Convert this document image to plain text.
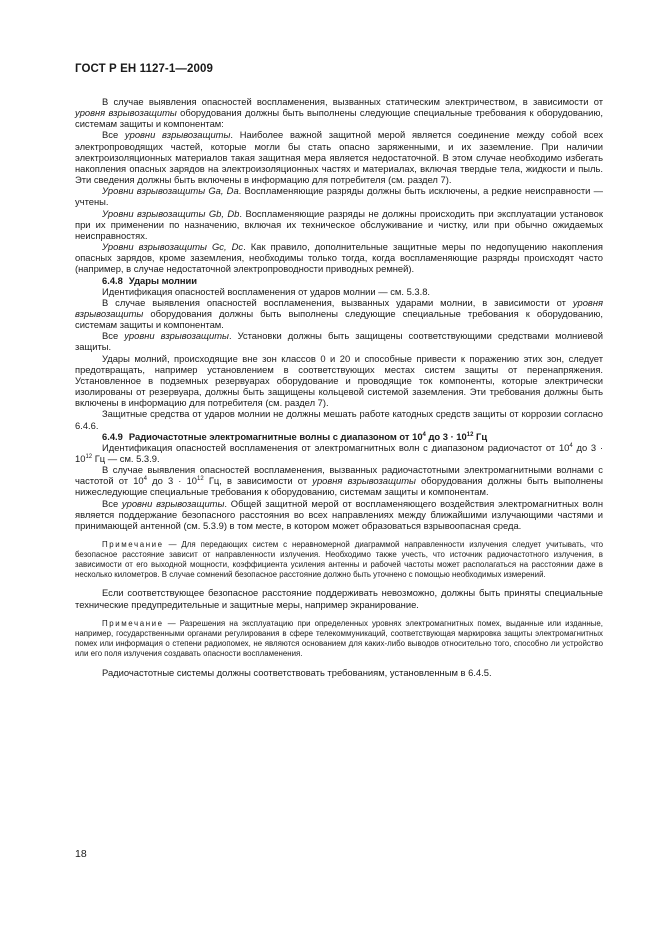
ГОСТ Р ЕН 1127-1—2009

В случае выявления опасностей воспламенения, вызванных статическим электричеством, в зависимости от уровня взрывозащиты оборудования должны быть выполнены следующие специальные требования к оборудованию, системам защиты и компонентам:

Все уровни взрывозащиты. Наиболее важной защитной мерой является соединение между собой всех электропроводящих частей, которые могли бы стать опасно заряженными, и их заземление. При наличии электроизоляционных материалов такая защитная мера является недостаточной. В этом случае необходимо избегать накопления опасных зарядов на электроизоляционных частях и материалах, включая твердые тела, жидкости и пыль. Эти сведения должны быть включены в информацию для потребителя (см. раздел 7).

Уровни взрывозащиты Ga, Da. Воспламеняющие разряды должны быть исключены, а редкие неисправности — учтены.

Уровни взрывозащиты Gb, Db. Воспламеняющие разряды не должны происходить при эксплуатации установок при их применении по назначению, включая их техническое обслуживание и чистку, или при обычно ожидаемых неисправностях.

Уровни взрывозащиты Gc, Dc. Как правило, дополнительные защитные меры по недопущению накопления опасных зарядов, кроме заземления, необходимы только тогда, когда воспламеняющие разряды происходят часто (например, в случае недостаточной электропроводности приводных ремней).

6.4.8 Удары молнии

Идентификация опасностей воспламенения от ударов молнии — см. 5.3.8.

В случае выявления опасностей воспламенения, вызванных ударами молнии, в зависимости от уровня взрывозащиты оборудования должны быть выполнены следующие специальные требования к оборудованию, системам защиты и компонентам.

Все уровни взрывозащиты. Установки должны быть защищены соответствующими средствами молниевой защиты.

Удары молний, происходящие вне зон классов 0 и 20 и способные привести к поражению этих зон, следует предотвращать, например установлением в соответствующих местах систем защиты от перенапряжения. Установленное в подземных резервуарах оборудование и проводящие ток компоненты, которые электрически изолированы от резервуара, должны быть защищены кольцевой системой заземления. Эти требования должны быть включены в информацию для потребителя (см. раздел 7).

Защитные средства от ударов молнии не должны мешать работе катодных средств защиты от коррозии согласно 6.4.6.

6.4.9 Радиочастотные электромагнитные волны с диапазоном от $10^4$ до $3 \cdot 10^{12}$ Гц

Идентификация опасностей воспламенения от электромагнитных волн с диапазоном радиочастот от $10^4$ до $3 \cdot 10^{12}$ Гц — см. 5.3.9.

В случае выявления опасностей воспламенения, вызванных радиочастотными электромагнитными волнами с частотой от $10^4$ до $3 \cdot 10^{12}$ Гц, в зависимости от уровня взрывозащиты оборудования должны быть выполнены нижеследующие специальные требования к оборудованию, системам защиты и компонентам.

Все уровни взрывозащиты. Общей защитной мерой от воспламеняющего воздействия электромагнитных волн является поддержание безопасного расстояния во всех направлениях между ближайшими излучающими частями и принимающей антенной (см. 5.3.9) в том месте, в котором может образоваться взрывоопасная среда.

Примечание — Для передающих систем с неравномерной диаграммой направленности излучения следует учитывать, что безопасное расстояние зависит от направленности излучения. Необходимо также учесть, что источник радиочастотного излучения, в зависимости от его выходной мощности, коэффициента усиления антенны и рабочей частоты может располагаться на расстоянии даже в несколько километров. В случае сомнений безопасное расстояние должно быть уточнено с помощью необходимых измерений.

Если соответствующее безопасное расстояние поддерживать невозможно, должны быть приняты специальные технические предупредительные и защитные меры, например экранирование.

Примечание — Разрешения на эксплуатацию при определенных уровнях электромагнитных помех, выданные или изданные, например, государственными органами регулирования в сфере телекоммуникаций, соответствующая маркировка защиты электромагнитных помех или информация о степени радиопомех, не являются основанием для каких-либо выводов относительно того, способно ли устройство или его поля излучения создавать опасности воспламенения.

Радиочастотные системы должны соответствовать требованиям, установленным в 6.4.5.

18
